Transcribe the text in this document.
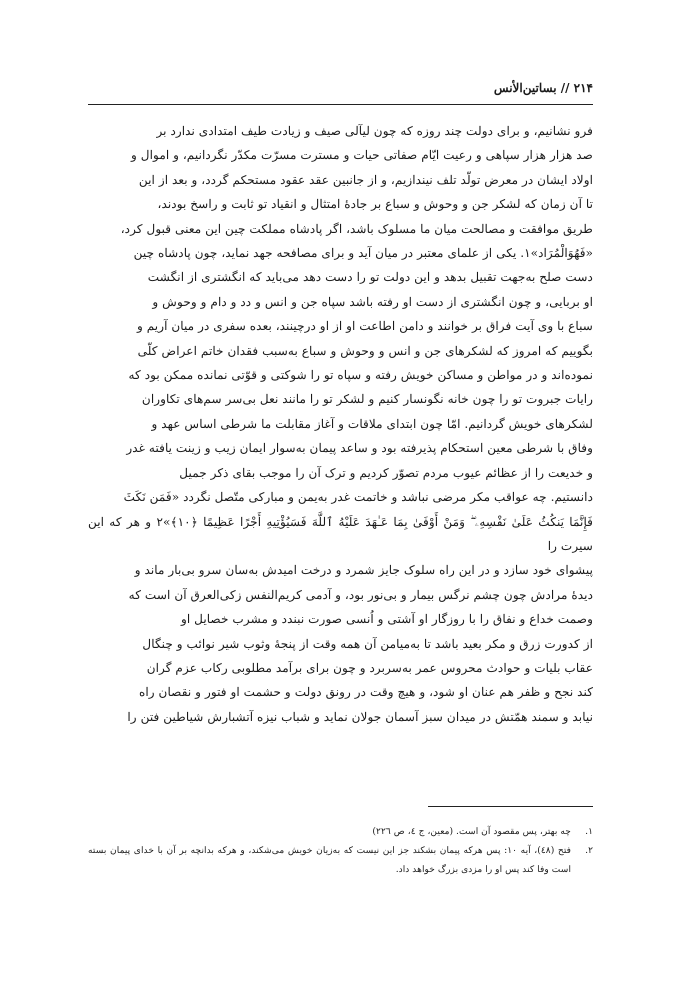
۲۱۴ // بساتین‌الأنس

فرو نشانیم، و برای دولت چند روزه که چون لیآلی صیف و زیادت طیف امتدادی ندارد بر

صد هزار هزار سپاهی و رعیت ایّام صفاتی حیات و مسترت مسرّت مکدّر نگردانیم، و اموال و

اولاد ایشان در معرض تولّد تلف نیندازیم، و از جانبین عقد عقود مستحکم گردد، و بعد از این

تا آن زمان که لشکر جن و وحوش و سباع بر جادهٔ امتثال و انقیاد تو ثابت و راسخ بودند،

طریق موافقت و مصالحت میان ما مسلوک باشد، اگر پادشاه مملکت چین این معنی قبول کرد،

«فَهُوَالْمُرَاد»۱. یکی از علمای معتبر در میان آید و برای مصافحه جهد نماید، چون پادشاه چین

دست صلح به‌جهت تقبیل بدهد و این دولت تو را دست دهد می‌باید که انگشتری از انگشت

او بربایی، و چون انگشتری از دست او رفته باشد سپاه جن و انس و دد و دام و وحوش و

سباع با وی آیت فراق بر خوانند و دامن اطاعت او از او درچینند، بعده سفری در میان آریم و

بگوییم که امروز که لشکرهای جن و انس و وحوش و سباع به‌سبب فقدان خاتم اعراض کلّی

نموده‌اند و در مواطن و مساکن خویش رفته و سپاه تو را شوکتی و قوّتی نمانده ممکن بود که

رایات جبروت تو را چون خانه نگونسار کنیم و لشکر تو را مانند نعل بی‌سر سم‌های تکاوران

لشکرهای خویش گردانیم. امّا چون ابتدای ملاقات و آغاز مقابلت ما شرطی اساس عهد و

وفاق با شرطی معین استحکام پذیرفته بود و ساعد پیمان به‌سوار ایمان زیب و زینت یافته غدر

و خدیعت را از عظائم عیوب مردم تصوّر کردیم و ترک آن را موجب بقای ذکر جمیل

دانستیم. چه عواقب مکر مرضی نباشد و خاتمت غدر به‌یمن و مبارکی متّصل نگردد «فَمَن نَكَثَ

فَإِنَّمَا يَنكُثُ عَلَىٰ نَفْسِهِۦ ۖ وَمَنْ أَوْفَىٰ بِمَا عَـٰهَدَ عَلَيْهُ ٱللَّهَ فَسَيُؤْتِيهِ أَجْرًا عَظِيمًا ﴿١٠﴾»۲ و هر که این سیرت را

پیشوای خود سازد و در این راه سلوک جایز شمرد و درخت امیدش به‌سان سرو بی‌بار ماند و

دیدهٔ مرادش چون چشم نرگس بیمار و بی‌نور بود، و آدمی کریم‌النفس زکی‌العرق آن است که

وصمت خداع و نفاق را با روزگار او آشتی و اُنسی صورت نبندد و مشرب خصایل او

از کدورت زرق و مکر بعید باشد تا به‌میامن آن همه وقت از پنجهٔ وثوب شیر نوائب و چنگال

عقاب بلیات و حوادث محروس عمر به‌سربرد و چون برای برآمد مطلوبی رکاب عزم گران

کند نجح و ظفر هم عنان او شود، و هیچ وقت در رونق دولت و حشمت او فتور و نقصان راه

نیابد و سمند همّتش در میدان سبز آسمان جولان نماید و شباب نیزه آتشبارش شیاطین فتن را

۱.
چه بهتر، پس مقصود آن است. (معین، ج ٤، ص ۲۲٦)
۲.
فتح (٤۸)، آیه ۱۰: پس هرکه پیمان بشکند جز این نیست که به‌زیان خویش می‌شکند، و هرکه بدانچه بر آن با خدای پیمان بسته است وفا کند پس او را مزدی بزرگ خواهد داد.
